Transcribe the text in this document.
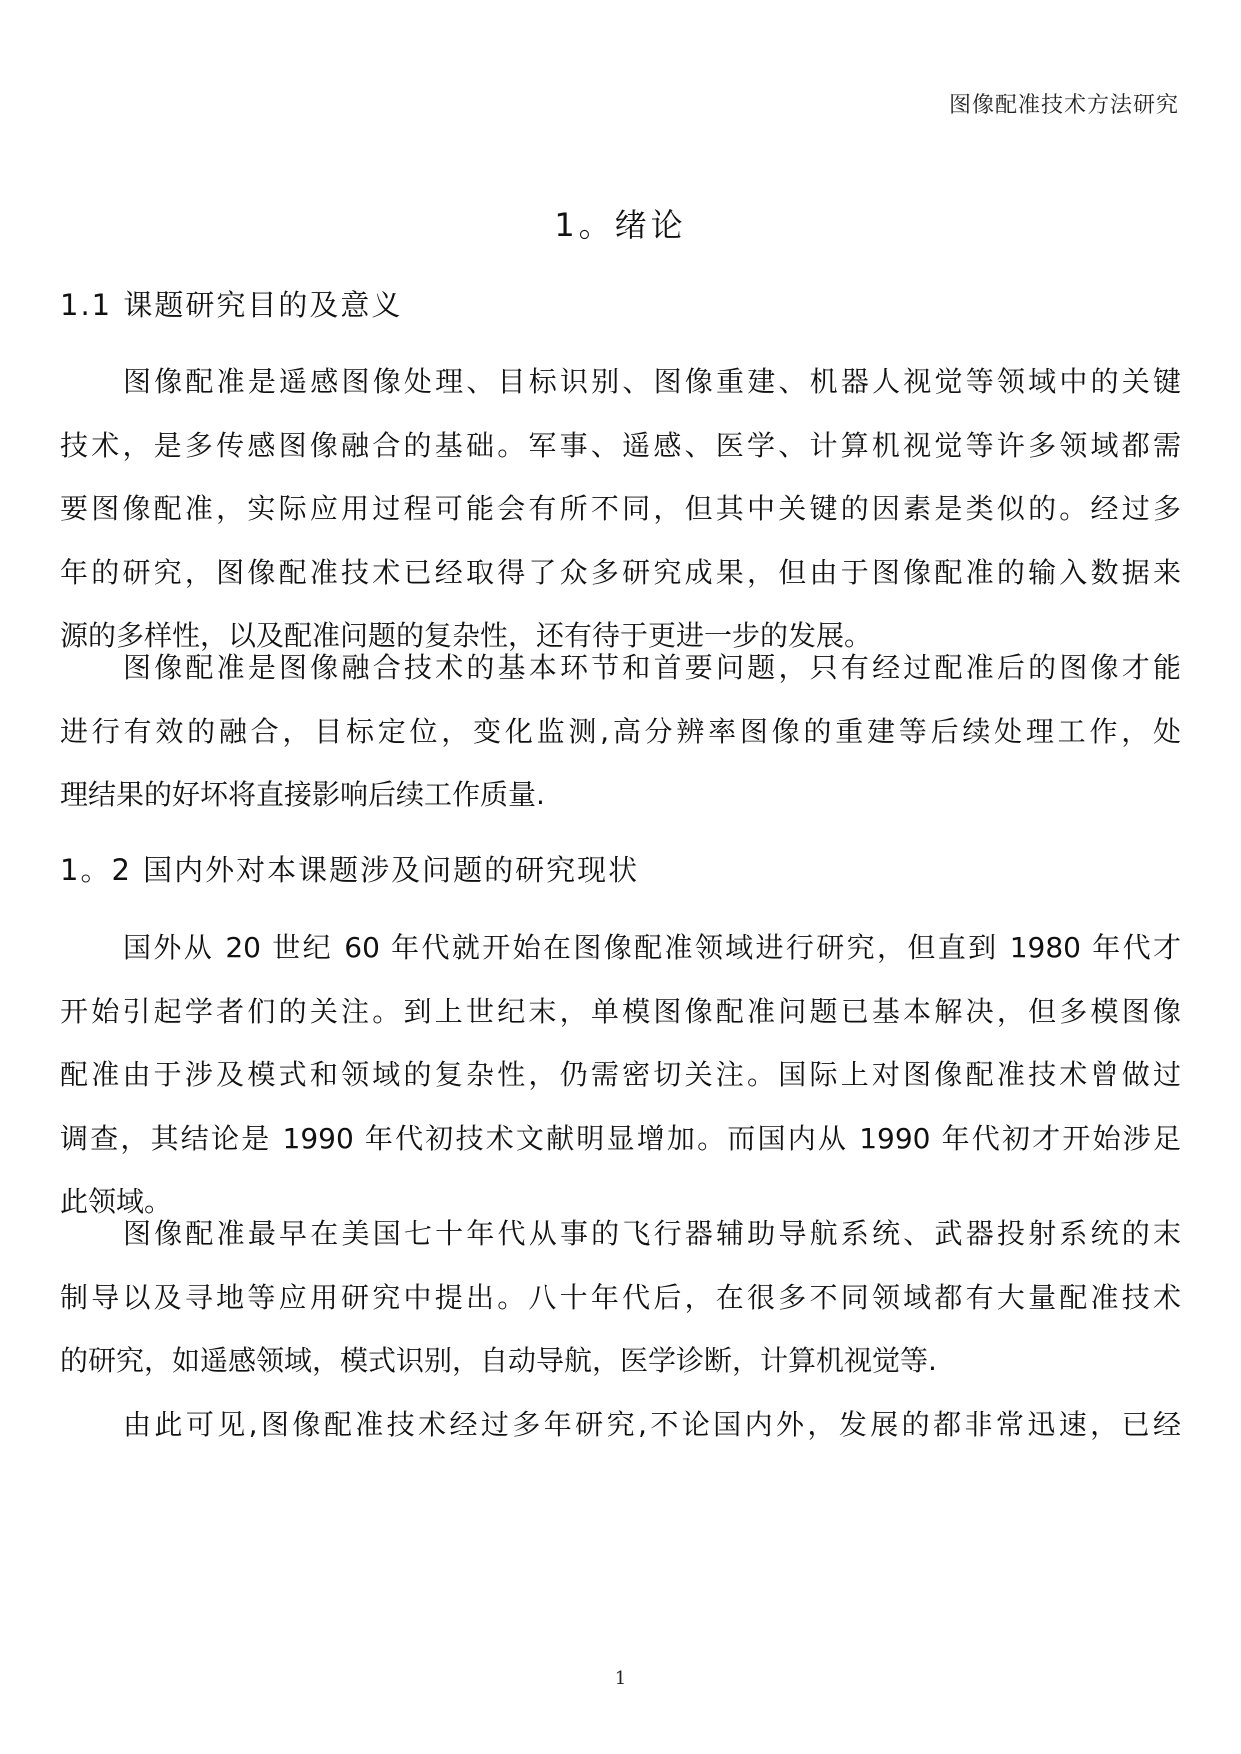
图像配准技术方法研究
1。绪论
1.1 课题研究目的及意义
图像配准是遥感图像处理、目标识别、图像重建、机器人视觉等领域中的关键
技术，是多传感图像融合的基础。军事、遥感、医学、计算机视觉等许多领域都需
要图像配准，实际应用过程可能会有所不同，但其中关键的因素是类似的。经过多
年的研究，图像配准技术已经取得了众多研究成果，但由于图像配准的输入数据来
源的多样性，以及配准问题的复杂性，还有待于更进一步的发展。
图像配准是图像融合技术的基本环节和首要问题，只有经过配准后的图像才能
进行有效的融合，目标定位，变化监测,高分辨率图像的重建等后续处理工作，处
理结果的好坏将直接影响后续工作质量.
1。2 国内外对本课题涉及问题的研究现状
国外从 20 世纪 60 年代就开始在图像配准领域进行研究，但直到 1980 年代才
开始引起学者们的关注。到上世纪末，单模图像配准问题已基本解决，但多模图像
配准由于涉及模式和领域的复杂性，仍需密切关注。国际上对图像配准技术曾做过
调查，其结论是 1990 年代初技术文献明显增加。而国内从 1990 年代初才开始涉足
此领域。
图像配准最早在美国七十年代从事的飞行器辅助导航系统、武器投射系统的末
制导以及寻地等应用研究中提出。八十年代后，在很多不同领域都有大量配准技术
的研究，如遥感领域，模式识别，自动导航，医学诊断，计算机视觉等.
由此可见,图像配准技术经过多年研究,不论国内外，发展的都非常迅速，已经
1
